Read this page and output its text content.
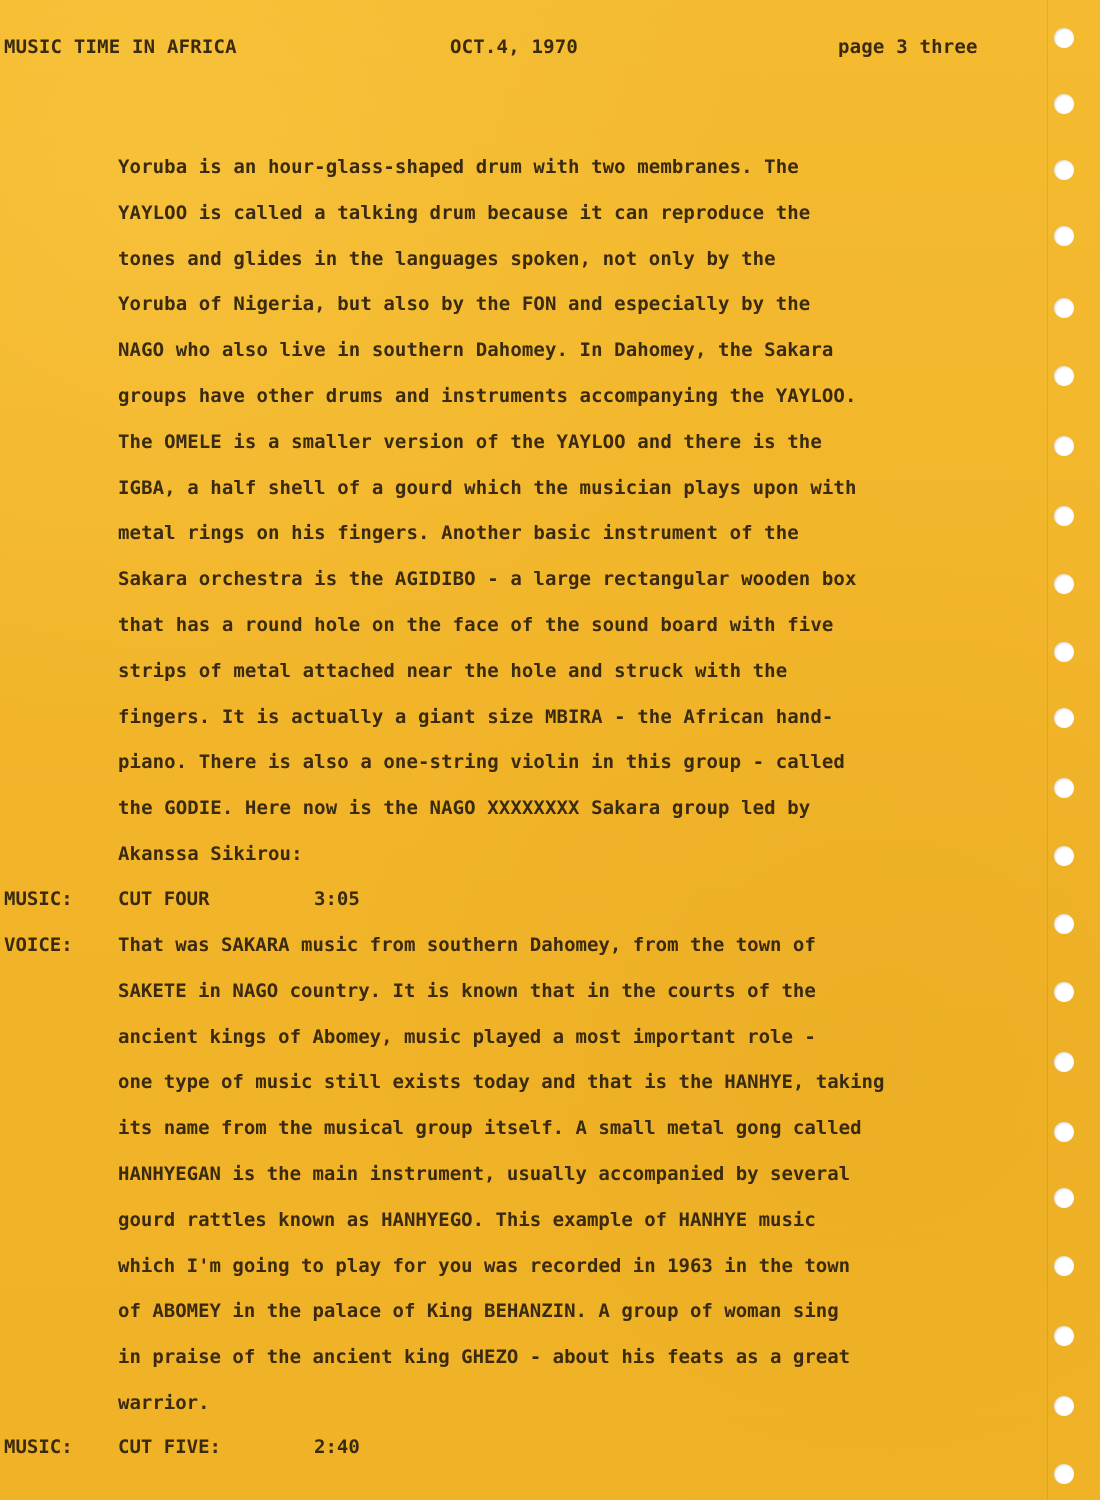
MUSIC TIME IN AFRICA	OCT.4, 1970	page 3 three
Yoruba is an hour-glass-shaped drum with two membranes. The
YAYLOO is called a talking drum because it can reproduce the
tones and glides in the languages spoken, not only by the
Yoruba of Nigeria, but also by the FON and especially by the
NAGO who also live in southern Dahomey. In Dahomey, the Sakara
groups have other drums and instruments accompanying the YAYLOO.
The OMELE is a smaller version of the YAYLOO and there is the
IGBA, a half shell of a gourd which the musician plays upon with
metal rings on his fingers. Another basic instrument of the
Sakara orchestra is the AGIDIBO - a large rectangular wooden box
that has a round hole on the face of the sound board with five
strips of metal attached near the hole and struck with the
fingers. It is actually a giant size MBIRA - the African hand-
piano. There is also a one-string violin in this group - called
the GODIE. Here now is the NAGO XXXXXXXX Sakara group led by
Akanssa Sikirou:
MUSIC: CUT FOUR	3:05
VOICE: That was SAKARA music from southern Dahomey, from the town of
SAKETE in NAGO country. It is known that in the courts of the
ancient kings of Abomey, music played a most important role -
one type of music still exists today and that is the HANHYE, taking
its name from the musical group itself. A small metal gong called
HANHYEGAN is the main instrument, usually accompanied by several
gourd rattles known as HANHYEGO. This example of HANHYE music
which I'm going to play for you was recorded in 1963 in the town
of ABOMEY in the palace of King BEHANZIN. A group of woman sing
in praise of the ancient king GHEZO - about his feats as a great
warrior.
MUSIC: CUT FIVE:	2:40
